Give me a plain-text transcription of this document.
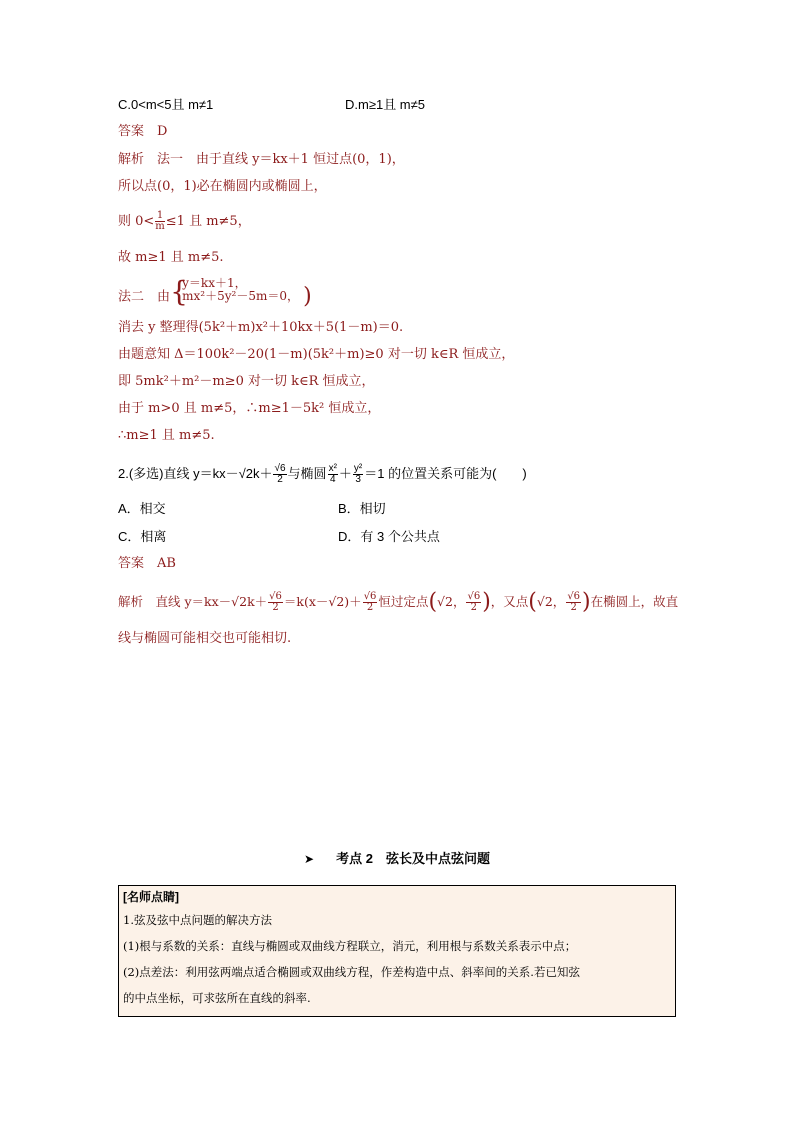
C.0<m<5且 m≠1	D.m≥1且 m≠5
答案　D
解析　法一　由于直线 y＝kx＋1 恒过点(0，1)，
所以点(0，1)必在椭圆内或椭圆上，
则 $0< \frac{1}{m} \le 1$ 且 m≠5，
故 m≥1 且 m≠5.
法二　由 {
y＝kx＋1，
mx²＋5y²－5m＝0， )
消去 y 整理得(5k²＋m)x²＋10kx＋5(1－m)＝0.
由题意知 Δ＝100k²－20(1－m)(5k²＋m)≥0 对一切 k∈R 恒成立，
即 5mk²＋m²－m≥0 对一切 k∈R 恒成立，
由于 m>0 且 m≠5，∴m≥1－5k² 恒成立，
∴m≥1 且 m≠5.
2.(多选)直线 $y=kx-√2k+ \frac{√6}{2}$ 与椭圆 $\frac{\text{x²}}{4} + \frac{\text{y²}}{3} =1$ 的位置关系可能为(　　)
A．相交	B．相切
C．相离	D．有 3 个公共点
答案　AB
解析　直线 $y=kx-√2k+ \frac{√6}{2} =k(x-√2)+ \frac{√6}{2}$ 恒过定点(√2， $\frac{√6}{2}$ )，又点(√2， $\frac{√6}{2}$ )在椭圆上，故直
线与椭圆可能相交也可能相切.
➤ 考点 2　弦长及中点弦问题
[名师点睛]
1.弦及弦中点问题的解决方法
(1)根与系数的关系：直线与椭圆或双曲线方程联立，消元，利用根与系数关系表示中点；
(2)点差法：利用弦两端点适合椭圆或双曲线方程，作差构造中点、斜率间的关系.若已知弦
的中点坐标，可求弦所在直线的斜率.
